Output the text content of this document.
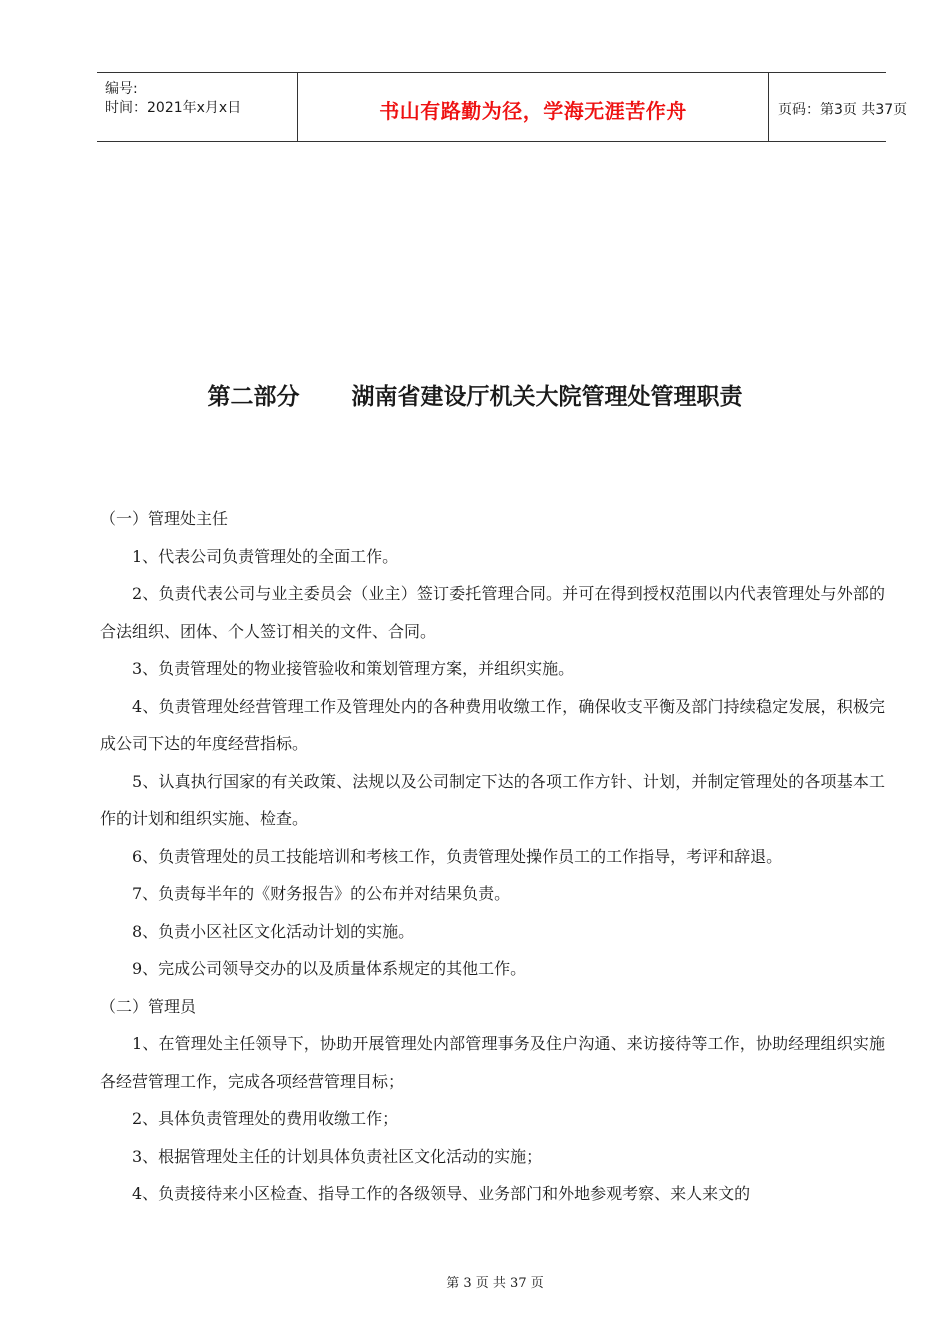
编号:
时间：2021年x月x日	书山有路勤为径，学海无涯苦作舟	页码：第3页 共37页
第二部分 湖南省建设厅机关大院管理处管理职责

（一）管理处主任

1、代表公司负责管理处的全面工作。

2、负责代表公司与业主委员会（业主）签订委托管理合同。并可在得到授权范围以内代表管理处与外部的合法组织、团体、个人签订相关的文件、合同。

3、负责管理处的物业接管验收和策划管理方案，并组织实施。

4、负责管理处经营管理工作及管理处内的各种费用收缴工作，确保收支平衡及部门持续稳定发展，积极完成公司下达的年度经营指标。

5、认真执行国家的有关政策、法规以及公司制定下达的各项工作方针、计划，并制定管理处的各项基本工作的计划和组织实施、检查。

6、负责管理处的员工技能培训和考核工作，负责管理处操作员工的工作指导，考评和辞退。

7、负责每半年的《财务报告》的公布并对结果负责。

8、负责小区社区文化活动计划的实施。

9、完成公司领导交办的以及质量体系规定的其他工作。

（二）管理员

1、在管理处主任领导下，协助开展管理处内部管理事务及住户沟通、来访接待等工作，协助经理组织实施各经营管理工作，完成各项经营管理目标；

2、具体负责管理处的费用收缴工作；

3、根据管理处主任的计划具体负责社区文化活动的实施；

4、负责接待来小区检查、指导工作的各级领导、业务部门和外地参观考察、来人来文的

第 3 页 共 37 页
